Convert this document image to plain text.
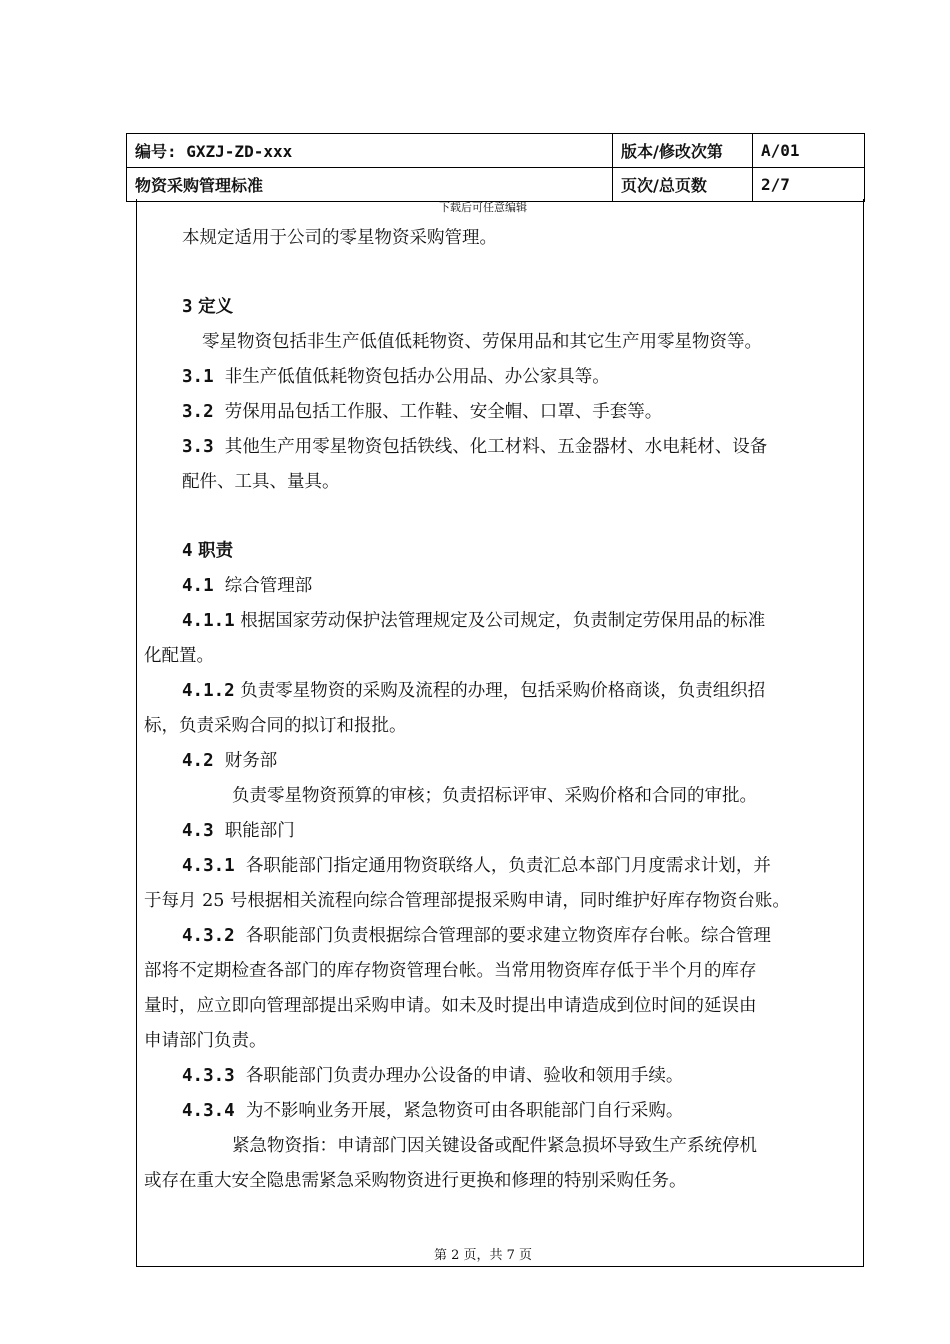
编号: GXZJ-ZD-xxx	版本/修改次第	A/01
物资采购管理标准	页次/总页数	2/7
下载后可任意编辑
本规定适用于公司的零星物资采购管理。
3 定义
零星物资包括非生产低值低耗物资、劳保用品和其它生产用零星物资等。
3.1 非生产低值低耗物资包括办公用品、办公家具等。
3.2 劳保用品包括工作服、工作鞋、安全帽、口罩、手套等。
3.3 其他生产用零星物资包括铁线、化工材料、五金器材、水电耗材、设备
配件、工具、量具。
4 职责
4.1 综合管理部
4.1.1 根据国家劳动保护法管理规定及公司规定，负责制定劳保用品的标准
化配置。
4.1.2 负责零星物资的采购及流程的办理，包括采购价格商谈，负责组织招
标，负责采购合同的拟订和报批。
4.2 财务部
负责零星物资预算的审核；负责招标评审、采购价格和合同的审批。
4.3 职能部门
4.3.1 各职能部门指定通用物资联络人，负责汇总本部门月度需求计划，并
于每月 25 号根据相关流程向综合管理部提报采购申请，同时维护好库存物资台账。
4.3.2 各职能部门负责根据综合管理部的要求建立物资库存台帐。综合管理
部将不定期检查各部门的库存物资管理台帐。当常用物资库存低于半个月的库存
量时，应立即向管理部提出采购申请。如未及时提出申请造成到位时间的延误由
申请部门负责。
4.3.3 各职能部门负责办理办公设备的申请、验收和领用手续。
4.3.4 为不影响业务开展，紧急物资可由各职能部门自行采购。
紧急物资指：申请部门因关键设备或配件紧急损坏导致生产系统停机
或存在重大安全隐患需紧急采购物资进行更换和修理的特别采购任务。
第 2 页，共 7 页
